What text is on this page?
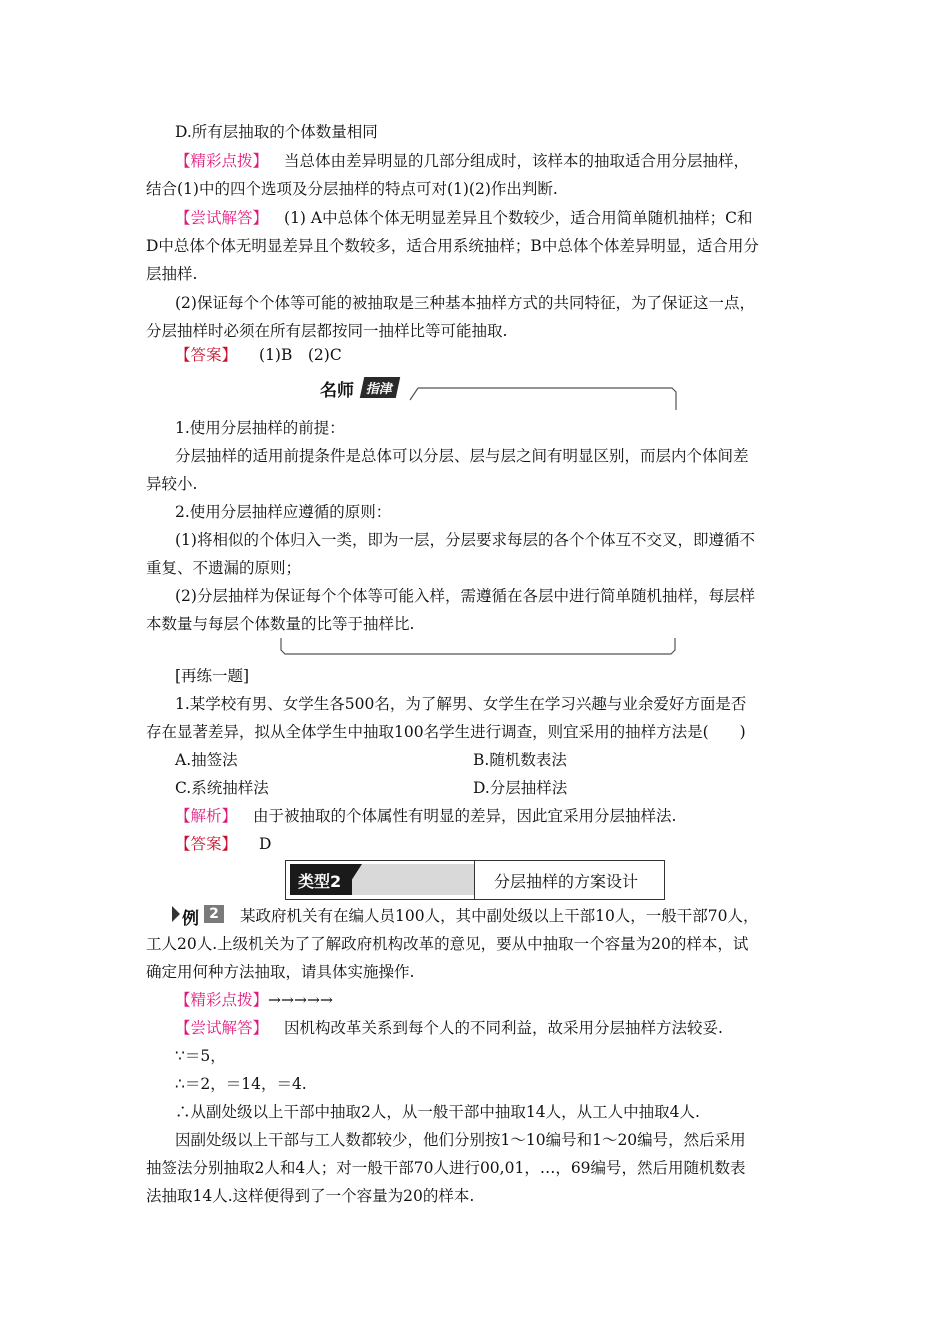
D.所有层抽取的个体数量相同
【精彩点拨】 当总体由差异明显的几部分组成时，该样本的抽取适合用分层抽样，
结合(1)中的四个选项及分层抽样的特点可对(1)(2)作出判断.
【尝试解答】 (1) A中总体个体无明显差异且个数较少，适合用简单随机抽样；C和
D中总体个体无明显差异且个数较多，适合用系统抽样；B中总体个体差异明显，适合用分
层抽样.
(2)保证每个个体等可能的被抽取是三种基本抽样方式的共同特征，为了保证这一点，
分层抽样时必须在所有层都按同一抽样比等可能抽取.
【答案】 (1)B　(2)C
名师 指津
1.使用分层抽样的前提：
分层抽样的适用前提条件是总体可以分层、层与层之间有明显区别，而层内个体间差
异较小.
2.使用分层抽样应遵循的原则：
(1)将相似的个体归入一类，即为一层，分层要求每层的各个个体互不交叉，即遵循不
重复、不遗漏的原则；
(2)分层抽样为保证每个个体等可能入样，需遵循在各层中进行简单随机抽样，每层样
本数量与每层个体数量的比等于抽样比.
[再练一题]
1.某学校有男、女学生各500名，为了解男、女学生在学习兴趣与业余爱好方面是否
存在显著差异，拟从全体学生中抽取100名学生进行调查，则宜采用的抽样方法是(　　)
A.抽签法	B.随机数表法
C.系统抽样法	D.分层抽样法
【解析】 由于被抽取的个体属性有明显的差异，因此宜采用分层抽样法.
【答案】 D
类型2	分层抽样的方案设计
例 2	某政府机关有在编人员100人，其中副处级以上干部10人，一般干部70人，
工人20人.上级机关为了了解政府机构改革的意见，要从中抽取一个容量为20的样本，试
确定用何种方法抽取，请具体实施操作.
【精彩点拨】→→→→→
【尝试解答】 因机构改革关系到每个人的不同利益，故采用分层抽样方法较妥.
∵＝5，
∴＝2，＝14，＝4.
∴从副处级以上干部中抽取2人，从一般干部中抽取14人，从工人中抽取4人.
因副处级以上干部与工人数都较少，他们分别按1～10编号和1～20编号，然后采用
抽签法分别抽取2人和4人；对一般干部70人进行00,01，…，69编号，然后用随机数表
法抽取14人.这样便得到了一个容量为20的样本.
